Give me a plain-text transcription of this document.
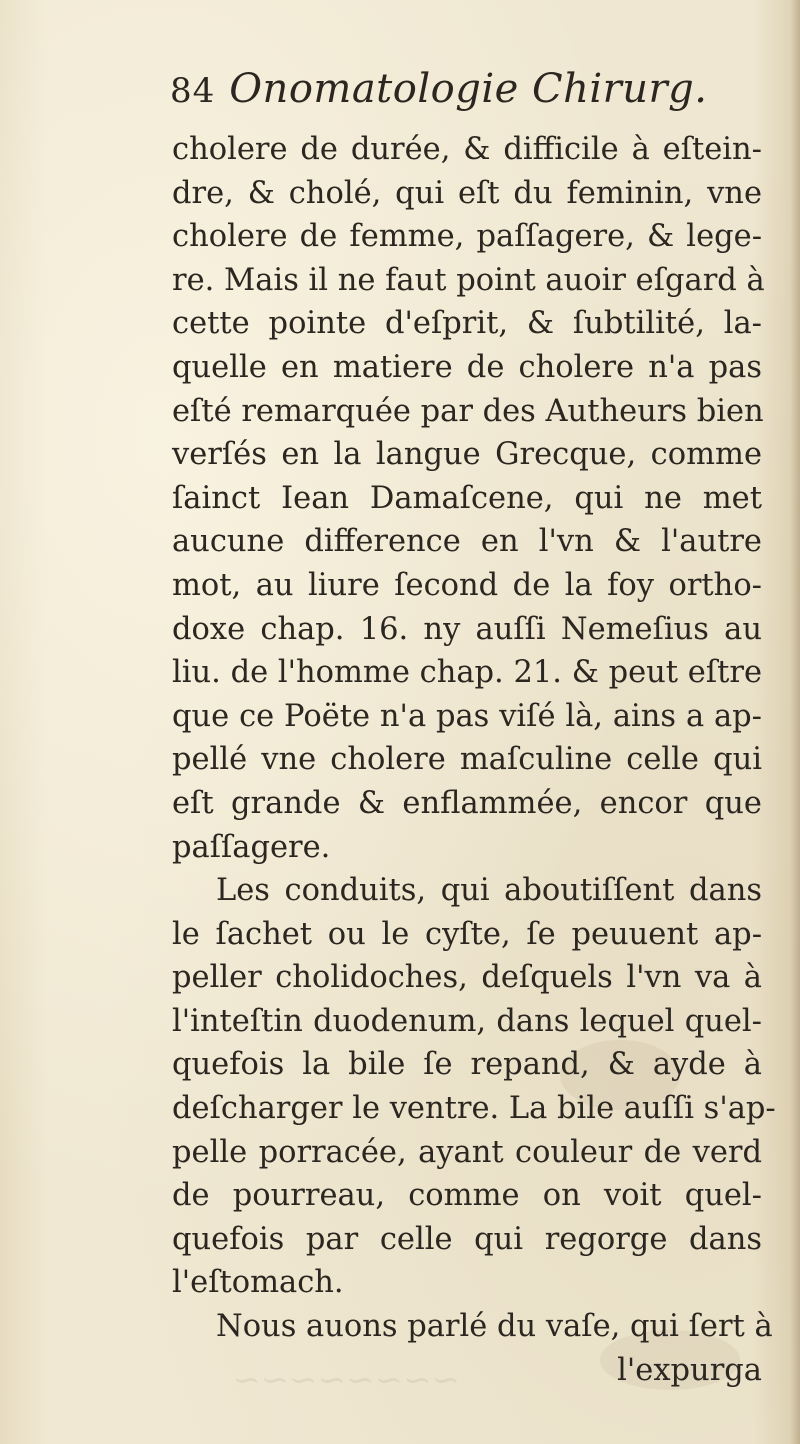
84 Onomatologie Chirurg.
cholere de durée, & difficile à eſtein-
dre, & cholé, qui eſt du feminin, vne
cholere de femme, paſſagere, & lege-
re. Mais il ne faut point auoir eſgard à
cette pointe d'eſprit, & ſubtilité, la-
quelle en matiere de cholere n'a pas
eſté remarquée par des Autheurs bien
verſés en la langue Grecque, comme
ſainct Iean Damaſcene, qui ne met
aucune difference en l'vn & l'autre
mot, au liure ſecond de la foy ortho-
doxe chap. 16. ny auſſi Nemeſius au
liu. de l'homme chap. 21. & peut eſtre
que ce Poëte n'a pas viſé là, ains a ap-
pellé vne cholere maſculine celle qui
eſt grande & enflammée, encor que
paſſagere.
Les conduits, qui aboutiſſent dans
le ſachet ou le cyſte, ſe peuuent ap-
peller cholidoches, deſquels l'vn va à
l'inteſtin duodenum, dans lequel quel-
quefois la bile ſe repand, & ayde à
deſcharger le ventre. La bile auſſi s'ap-
pelle porracée, ayant couleur de verd
de pourreau, comme on voit quel-
quefois par celle qui regorge dans
l'eſtomach.
Nous auons parlé du vaſe, qui ſert à
l'expurga
~~~~~~~~
